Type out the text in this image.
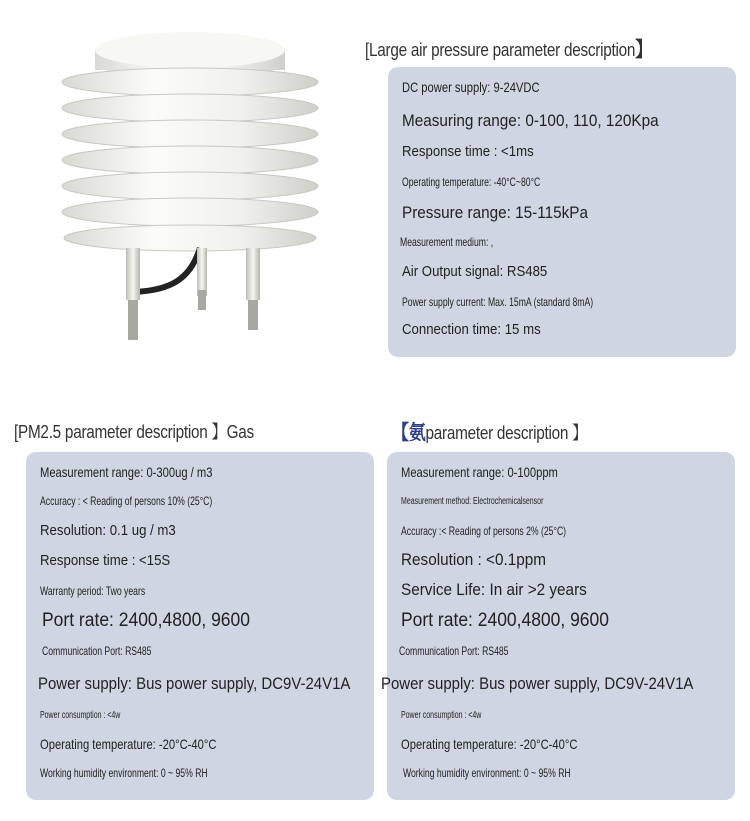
[Large air pressure parameter description】
DC power supply: 9-24VDC
Measuring range: 0-100, 110, 120Kpa
Response time : <1ms
Operating temperature: -40°C~80°C
Pressure range: 15-115kPa
Measurement medium: ,
Air Output signal: RS485
Power supply current: Max. 15mA (standard 8mA)
Connection time: 15 ms
[PM2.5 parameter description 】Gas
Measurement range: 0-300ug / m3
Accuracy : < Reading of persons 10% (25°C)
Resolution: 0.1 ug / m3
Response time : <15S
Warranty period: Two years
Port rate: 2400,4800, 9600
Communication Port: RS485
Power supply: Bus power supply, DC9V-24V1A
Power consumption : <4w
Operating temperature: -20°C-40°C
Working humidity environment: 0 ~ 95% RH
【氨parameter description 】
Measurement range: 0-100ppm
Measurement method: Electrochemicalsensor
Accuracy :< Reading of persons 2% (25°C)
Resolution : <0.1ppm
Service Life: In air >2 years
Port rate: 2400,4800, 9600
Communication Port: RS485
Power supply: Bus power supply, DC9V-24V1A
Power consumption : <4w
Operating temperature: -20°C-40°C
Working humidity environment: 0 ~ 95% RH
